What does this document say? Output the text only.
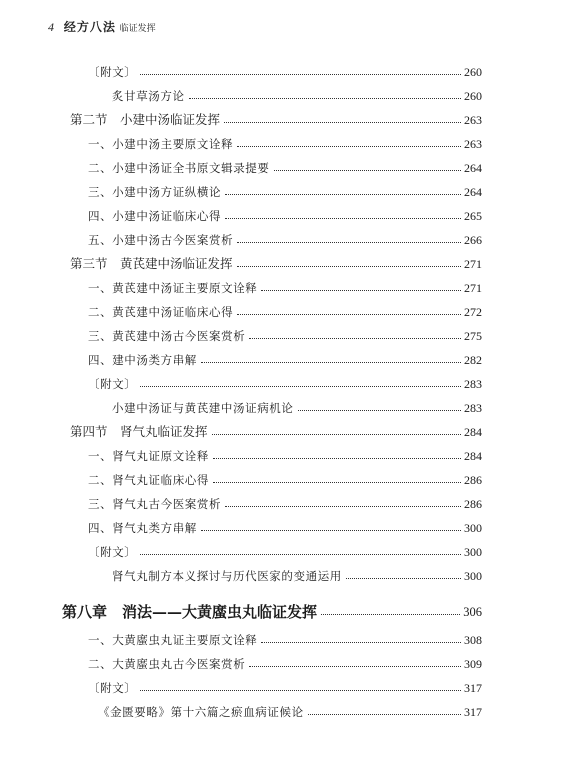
4 经方八法 临证发挥
〔附文〕	260
炙甘草汤方论	260
第二节　小建中汤临证发挥	263
一、小建中汤主要原文诠释	263
二、小建中汤证全书原文辑录提要	264
三、小建中汤方证纵横论	264
四、小建中汤证临床心得	265
五、小建中汤古今医案赏析	266
第三节　黄芪建中汤临证发挥	271
一、黄芪建中汤证主要原文诠释	271
二、黄芪建中汤证临床心得	272
三、黄芪建中汤古今医案赏析	275
四、建中汤类方串解	282
〔附文〕	283
小建中汤证与黄芪建中汤证病机论	283
第四节　肾气丸临证发挥	284
一、肾气丸证原文诠释	284
二、肾气丸证临床心得	286
三、肾气丸古今医案赏析	286
四、肾气丸类方串解	300
〔附文〕	300
肾气丸制方本义探讨与历代医家的变通运用	300
第八章　消法——大黄䗪虫丸临证发挥	306
一、大黄䗪虫丸证主要原文诠释	308
二、大黄䗪虫丸古今医案赏析	309
〔附文〕	317
《金匮要略》第十六篇之瘀血病证候论	317
